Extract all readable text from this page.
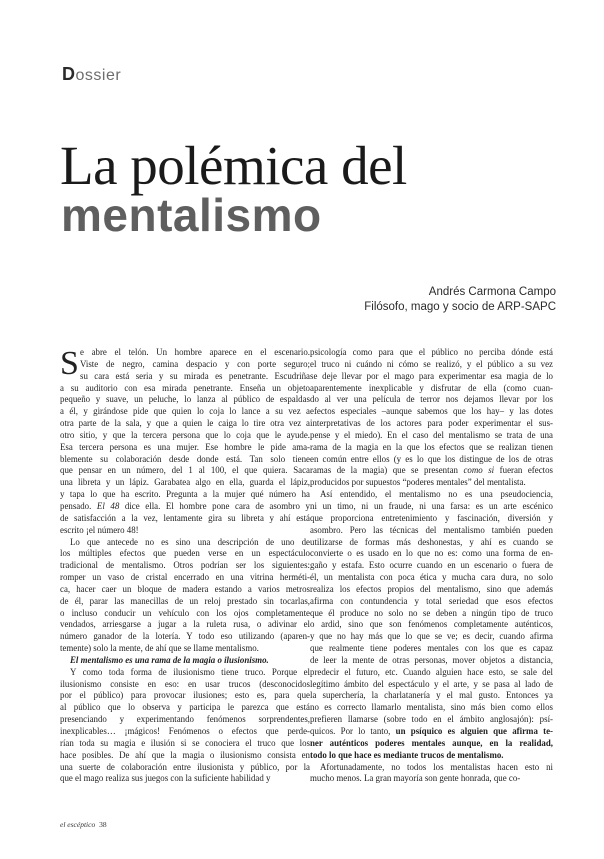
Dossier
La polémica del
mentalismo
Andrés Carmona Campo
Filósofo, mago y socio de ARP-SAPC
S e abre el telón. Un hombre aparece en el escenario.
Viste de negro, camina despacio y con porte seguro;
su cara está seria y su mirada es penetrante. Escudriña
a su auditorio con esa mirada penetrante. Enseña un objeto
pequeño y suave, un peluche, lo lanza al público de espaldas
a él, y girándose pide que quien lo coja lo lance a su vez a
otra parte de la sala, y que a quien le caiga lo tire otra vez a
otro sitio, y que la tercera persona que lo coja que le ayude.
Esa tercera persona es una mujer. Ese hombre le pide ama-
blemente su colaboración desde donde está. Tan solo tiene
que pensar en un número, del 1 al 100, el que quiera. Saca
una libreta y un lápiz. Garabatea algo en ella, guarda el lápiz,
y tapa lo que ha escrito. Pregunta a la mujer qué número ha
pensado. El 48 dice ella. El hombre pone cara de asombro y
de satisfacción a la vez, lentamente gira su libreta y ahí está
escrito ¡el número 48!
Lo que antecede no es sino una descripción de uno de
los múltiples efectos que pueden verse en un espectáculo
tradicional de mentalismo. Otros podrían ser los siguientes:
romper un vaso de cristal encerrado en una vitrina herméti-
ca, hacer caer un bloque de madera estando a varios metros
de él, parar las manecillas de un reloj prestado sin tocarlas,
o incluso conducir un vehículo con los ojos completamente
vendados, arriesgarse a jugar a la ruleta rusa, o adivinar el
número ganador de la lotería. Y todo eso utilizando (aparen-
temente) solo la mente, de ahí que se llame mentalismo.
El mentalismo es una rama de la magia o ilusionismo.
Y como toda forma de ilusionismo tiene truco. Porque el
ilusionismo consiste en eso: en usar trucos (desconocidos
por el público) para provocar ilusiones; esto es, para que
al público que lo observa y participa le parezca que está
presenciando y experimentando fenómenos sorprendentes,
inexplicables… ¡mágicos! Fenómenos o efectos que perde-
rían toda su magia e ilusión si se conociera el truco que los
hace posibles. De ahí que la magia o ilusionismo consista en
una suerte de colaboración entre ilusionista y público, por la
que el mago realiza sus juegos con la suficiente habilidad y
psicología como para que el público no perciba dónde está
el truco ni cuándo ni cómo se realizó, y el público a su vez
se deje llevar por el mago para experimentar esa magia de lo
aparentemente inexplicable y disfrutar de ella (como cuan-
do al ver una película de terror nos dejamos llevar por los
efectos especiales –aunque sabemos que los hay– y las dotes
interpretativas de los actores para poder experimentar el sus-
pense y el miedo). En el caso del mentalismo se trata de una
rama de la magia en la que los efectos que se realizan tienen
en común entre ellos (y es lo que los distingue de los de otras
ramas de la magia) que se presentan como si fueran efectos
producidos por supuestos “poderes mentales” del mentalista.
Así entendido, el mentalismo no es una pseudociencia,
ni un timo, ni un fraude, ni una farsa: es un arte escénico
que proporciona entretenimiento y fascinación, diversión y
asombro. Pero las técnicas del mentalismo también pueden
utilizarse de formas más deshonestas, y ahí es cuando se
convierte o es usado en lo que no es: como una forma de en-
gaño y estafa. Esto ocurre cuando en un escenario o fuera de
él, un mentalista con poca ética y mucha cara dura, no solo
realiza los efectos propios del mentalismo, sino que además
afirma con contundencia y total seriedad que esos efectos
que él produce no solo no se deben a ningún tipo de truco
o ardid, sino que son fenómenos completamente auténticos,
y que no hay más que lo que se ve; es decir, cuando afirma
que realmente tiene poderes mentales con los que es capaz
de leer la mente de otras personas, mover objetos a distancia,
predecir el futuro, etc. Cuando alguien hace esto, se sale del
legítimo ámbito del espectáculo y el arte, y se pasa al lado de
la superchería, la charlatanería y el mal gusto. Entonces ya
no es correcto llamarlo mentalista, sino más bien como ellos
prefieren llamarse (sobre todo en el ámbito anglosajón): psí-
quicos. Por lo tanto, un psíquico es alguien que afirma te-
ner auténticos poderes mentales aunque, en la realidad,
todo lo que hace es mediante trucos de mentalismo.
Afortunadamente, no todos los mentalistas hacen esto ni
mucho menos. La gran mayoría son gente honrada, que co-
el escéptico 38
